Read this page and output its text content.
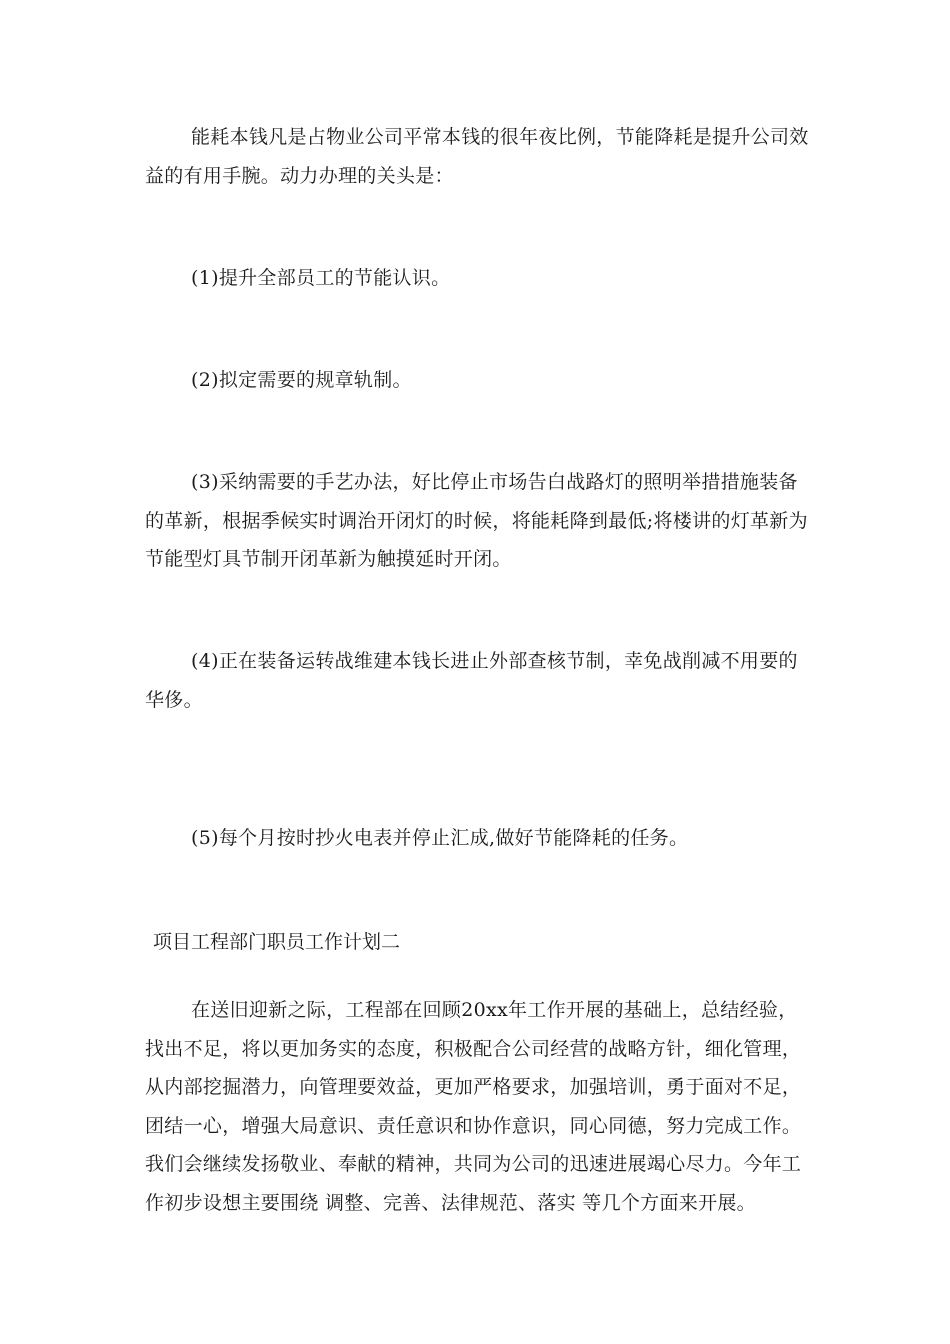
能耗本钱凡是占物业公司平常本钱的很年夜比例，节能降耗是提升公司效益的有用手腕。动力办理的关头是：

(1)提升全部员工的节能认识。

(2)拟定需要的规章轨制。

(3)采纳需要的手艺办法，好比停止市场告白战路灯的照明举措措施装备的革新，根据季候实时调治开闭灯的时候，将能耗降到最低;将楼讲的灯革新为节能型灯具节制开闭革新为触摸延时开闭。

(4)正在装备运转战维建本钱长进止外部查核节制，幸免战削减不用要的华侈。

(5)每个月按时抄火电表并停止汇成,做好节能降耗的任务。

项目工程部门职员工作计划二

在送旧迎新之际，工程部在回顾20xx年工作开展的基础上，总结经验，找出不足，将以更加务实的态度，积极配合公司经营的战略方针，细化管理，从内部挖掘潜力，向管理要效益，更加严格要求，加强培训，勇于面对不足，团结一心，增强大局意识、责任意识和协作意识，同心同德，努力完成工作。我们会继续发扬敬业、奉献的精神，共同为公司的迅速进展竭心尽力。今年工作初步设想主要围绕 调整、完善、法律规范、落实 等几个方面来开展。
